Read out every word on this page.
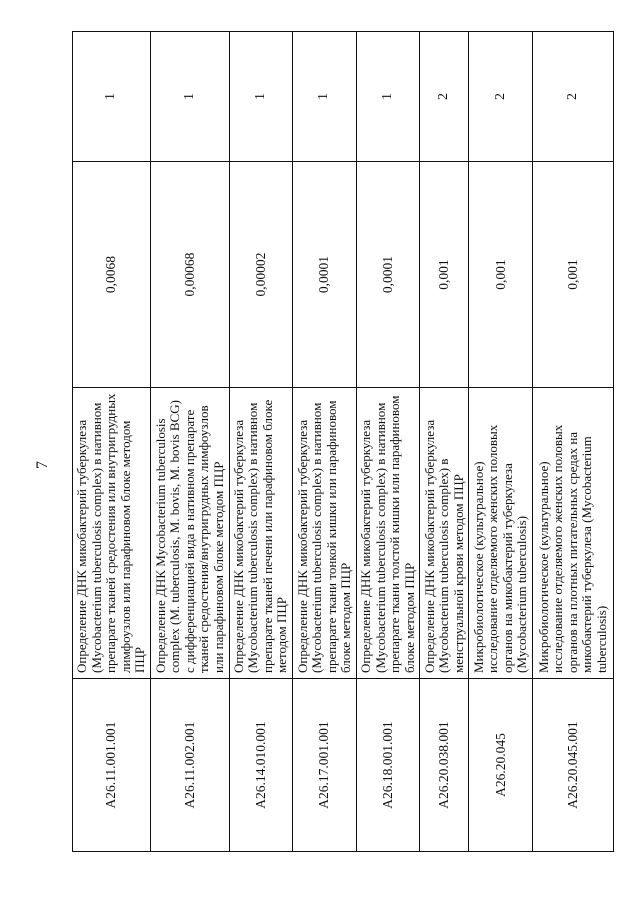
7
A26.11.001.001	Определение ДНК микобактерий туберкулеза (Mycobacterium tuberculosis complex) в нативном препарате тканей средостения или внутригрудных лимфоузлов или парафиновом блоке методом ПЦР	0,0068	1
A26.11.002.001	Определение ДНК Mycobacterium tuberculosis complex (M. tuberculosis, M. bovis, M. bovis BCG) с дифференциацией вида в нативном препарате тканей средостения/внутригрудных лимфоузлов или парафиновом блоке методом ПЦР	0,00068	1
A26.14.010.001	Определение ДНК микобактерий туберкулеза (Mycobacterium tuberculosis complex) в нативном препарате тканей печени или парафиновом блоке методом ПЦР	0,00002	1
A26.17.001.001	Определение ДНК микобактерий туберкулеза (Mycobacterium tuberculosis complex) в нативном препарате ткани тонкой кишки или парафиновом блоке методом ПЦР	0,0001	1
A26.18.001.001	Определение ДНК микобактерий туберкулеза (Mycobacterium tuberculosis complex) в нативном препарате ткани толстой кишки или парафиновом блоке методом ПЦР	0,0001	1
A26.20.038.001	Определение ДНК микобактерий туберкулеза (Mycobacterium tuberculosis complex) в менструальной крови методом ПЦР	0,001	2
A26.20.045	Микробиологическое (культуральное) исследование отделяемого женских половых органов на микобактерий туберкулеза (Mycobacterium tuberculosis)	0,001	2
A26.20.045.001	Микробиологическое (культуральное) исследование отделяемого женских половых органов на плотных питательных средах на микобактерий туберкулеза (Mycobacterium tuberculosis)	0,001	2
